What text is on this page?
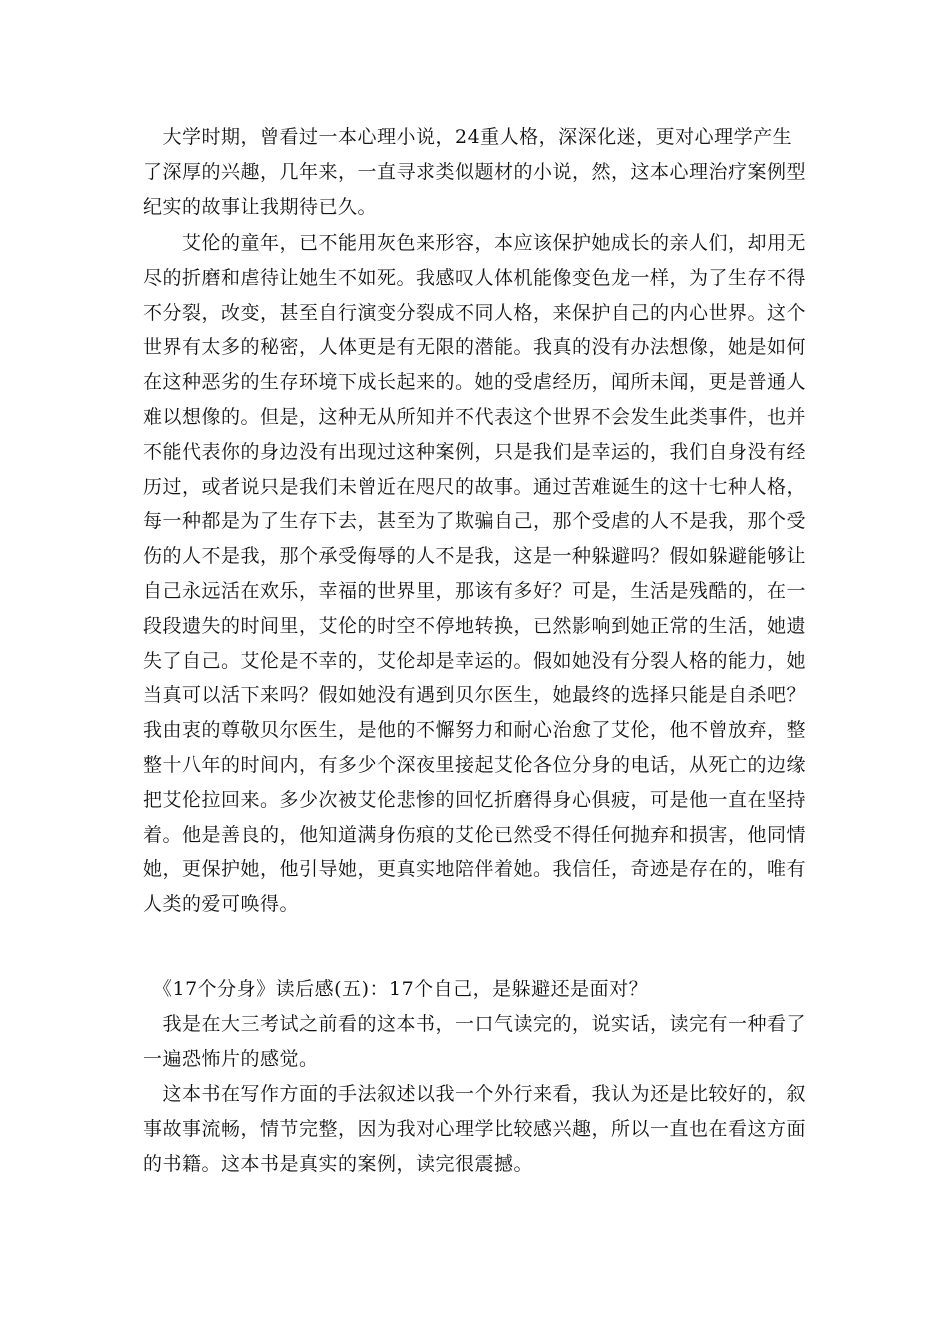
　大学时期，曾看过一本心理小说，24重人格，深深化迷，更对心理学产生
了深厚的兴趣，几年来，一直寻求类似题材的小说，然，这本心理治疗案例型
纪实的故事让我期待已久。
　　艾伦的童年，已不能用灰色来形容，本应该保护她成长的亲人们，却用无
尽的折磨和虐待让她生不如死。我感叹人体机能像变色龙一样，为了生存不得
不分裂，改变，甚至自行演变分裂成不同人格，来保护自己的内心世界。这个
世界有太多的秘密，人体更是有无限的潜能。我真的没有办法想像，她是如何
在这种恶劣的生存环境下成长起来的。她的受虐经历，闻所未闻，更是普通人
难以想像的。但是，这种无从所知并不代表这个世界不会发生此类事件，也并
不能代表你的身边没有出现过这种案例，只是我们是幸运的，我们自身没有经
历过，或者说只是我们未曾近在咫尺的故事。通过苦难诞生的这十七种人格，
每一种都是为了生存下去，甚至为了欺骗自己，那个受虐的人不是我，那个受
伤的人不是我，那个承受侮辱的人不是我，这是一种躲避吗？假如躲避能够让
自己永远活在欢乐，幸福的世界里，那该有多好？可是，生活是残酷的，在一
段段遗失的时间里，艾伦的时空不停地转换，已然影响到她正常的生活，她遗
失了自己。艾伦是不幸的，艾伦却是幸运的。假如她没有分裂人格的能力，她
当真可以活下来吗？假如她没有遇到贝尔医生，她最终的选择只能是自杀吧？
我由衷的尊敬贝尔医生，是他的不懈努力和耐心治愈了艾伦，他不曾放弃，整
整十八年的时间内，有多少个深夜里接起艾伦各位分身的电话，从死亡的边缘
把艾伦拉回来。多少次被艾伦悲惨的回忆折磨得身心俱疲，可是他一直在坚持
着。他是善良的，他知道满身伤痕的艾伦已然受不得任何抛弃和损害，他同情
她，更保护她，他引导她，更真实地陪伴着她。我信任，奇迹是存在的，唯有
人类的爱可唤得。
　《17个分身》读后感(五)：17个自己，是躲避还是面对？
　我是在大三考试之前看的这本书，一口气读完的，说实话，读完有一种看了
一遍恐怖片的感觉。
　这本书在写作方面的手法叙述以我一个外行来看，我认为还是比较好的，叙
事故事流畅，情节完整，因为我对心理学比较感兴趣，所以一直也在看这方面
的书籍。这本书是真实的案例，读完很震撼。
